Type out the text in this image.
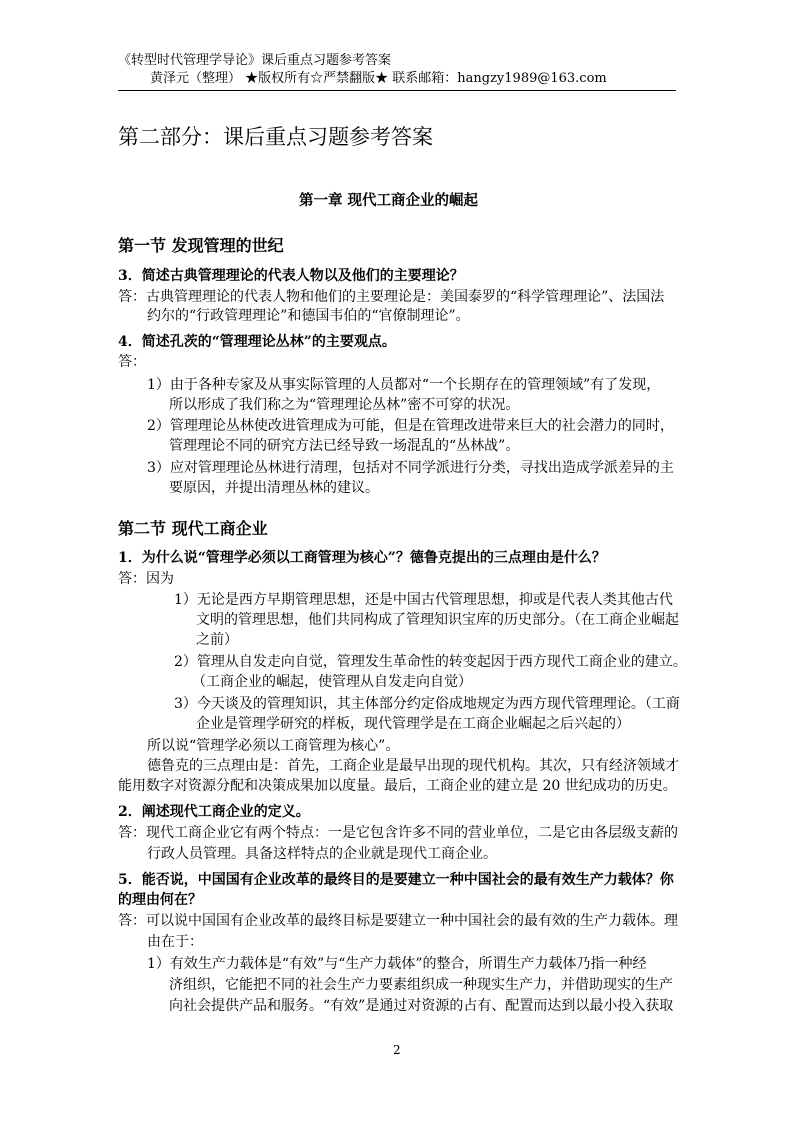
《转型时代管理学导论》课后重点习题参考答案
黄泽元（整理） ★版权所有☆严禁翻版★ 联系邮箱：hangzy1989@163.com
第二部分：课后重点习题参考答案
第一章 现代工商企业的崛起
第一节 发现管理的世纪
3．简述古典管理理论的代表人物以及他们的主要理论？
答：古典管理理论的代表人物和他们的主要理论是：美国泰罗的“科学管理理论”、法国法
约尔的“行政管理理论”和德国韦伯的“官僚制理论”。
4．简述孔茨的“管理理论丛林”的主要观点。
答：
1）由于各种专家及从事实际管理的人员都对“一个长期存在的管理领域”有了发现，
所以形成了我们称之为“管理理论丛林”密不可穿的状况。
2）管理理论丛林使改进管理成为可能，但是在管理改进带来巨大的社会潜力的同时，
管理理论不同的研究方法已经导致一场混乱的“丛林战”。
3）应对管理理论丛林进行清理，包括对不同学派进行分类，寻找出造成学派差异的主
要原因，并提出清理丛林的建议。
第二节 现代工商企业
1．为什么说“管理学必须以工商管理为核心”？德鲁克提出的三点理由是什么？
答：因为
1）无论是西方早期管理思想，还是中国古代管理思想，抑或是代表人类其他古代
文明的管理思想，他们共同构成了管理知识宝库的历史部分。（在工商企业崛起
之前）
2）管理从自发走向自觉，管理发生革命性的转变起因于西方现代工商企业的建立。
（工商企业的崛起，使管理从自发走向自觉）
3）今天谈及的管理知识，其主体部分约定俗成地规定为西方现代管理理论。（工商
企业是管理学研究的样板，现代管理学是在工商企业崛起之后兴起的）
所以说“管理学必须以工商管理为核心”。
德鲁克的三点理由是：首先，工商企业是最早出现的现代机构。其次，只有经济领域才
能用数字对资源分配和决策成果加以度量。最后，工商企业的建立是 20 世纪成功的历史。
2．阐述现代工商企业的定义。
答：现代工商企业它有两个特点：一是它包含许多不同的营业单位，二是它由各层级支薪的
行政人员管理。具备这样特点的企业就是现代工商企业。
5．能否说，中国国有企业改革的最终目的是要建立一种中国社会的最有效生产力载体？你
的理由何在？
答：可以说中国国有企业改革的最终目标是要建立一种中国社会的最有效的生产力载体。理
由在于：
1）有效生产力载体是“有效”与“生产力载体”的整合，所谓生产力载体乃指一种经
济组织，它能把不同的社会生产力要素组织成一种现实生产力，并借助现实的生产
向社会提供产品和服务。“有效”是通过对资源的占有、配置而达到以最小投入获取
2
